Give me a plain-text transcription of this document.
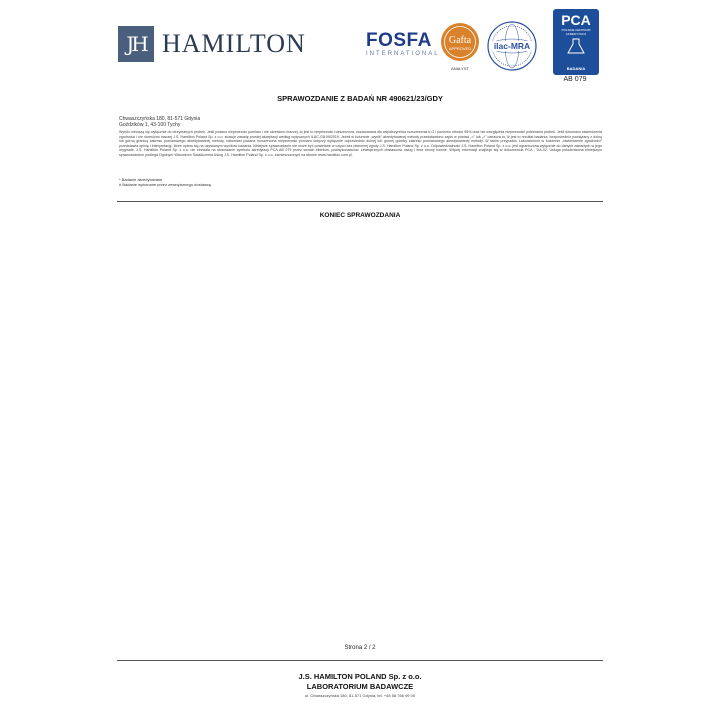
JH HAMILTON	FOSFA
INTERNATIONAL
Gafta
APPROVED
ANALYST
ilac-MRA
PCA
POLSKIE CENTRUM AKREDYTACJI
BADANIA
AB 079
SPRAWOZDANIE Z BADAŃ NR 490621/23/GDY
Chwaszczyńska 180, 81-571 Gdynia
Goździków 1, 43-100 Tychy

Wyniki odnoszą się wyłącznie do otrzymanych próbek. Jeśli podano niepewność pomiaru i nie określono inaczej, to jest to niepewność rozszerzona, oszacowana dla współczynnika rozszerzenia k=2 i poziomu ufności 95% oraz nie uwzględnia niepewności pobierania próbek. Jeśli dokonano stwierdzenia zgodności i nie określono inaczej J.S. Hamilton Poland Sp. z o.o. stosuje zasadę prostej akceptacji według wytycznych ILAC-G8:09/2019. Jeżeli w kolumnie „wynik” akredytowanej metody przedstawiono zapis w postaci „<” lub „>” oznacza to, iż jest to rezultat badania, bezpośrednio powiązany z dolną lub górną granicą zakresu pomiarowego akredytowanej metody, natomiast podana rozszerzona niepewność pomiaru dotyczy wyłącznie odpowiednio dolnej lub górnej granicy zakresu pomiarowego akredytowanej metody. W takim przypadku Laboratorium w kolumnie „stwierdzenie zgodności” przedstawia opinię i interpretację, które opiera się na uzyskanym wyników badania. Niniejsze sprawozdanie nie może być powielane w części bez pisemnej zgody J.S. Hamilton Poland Sp. z o.o. Odpowiedzialność J.S. Hamilton Poland Sp. z o.o. jest ograniczona wyłącznie do danych zawartych w jego oryginale. J.S. Hamilton Poland Sp. z o.o. nie zezwala na stosowanie symbolu akredytacji PCA AB 079 przez swoich klientów, podwykonawców, zewnętrznych dostawców usług i inne strony trzecie. Więcej informacji znajduje się w dokumencie PCA - DA-02. Usługa potwierdzona niniejszym sprawozdaniem podlega Ogólnym Warunkom Świadczenia Usług J.S. Hamilton Poland Sp. z o.o. zamieszczonym na stronie www.hamilton.com.pl.

* Badanie akredytowane
# Badanie wykonane przez zewnętrznego dostawcę
KONIEC SPRAWOZDANIA
Strona 2 / 2
J.S. HAMILTON POLAND Sp. z o.o.
LABORATORIUM BADAWCZE
ul. Chwaszczyńska 180, 81-571 Gdynia, tel. +48 58 766 99 00
